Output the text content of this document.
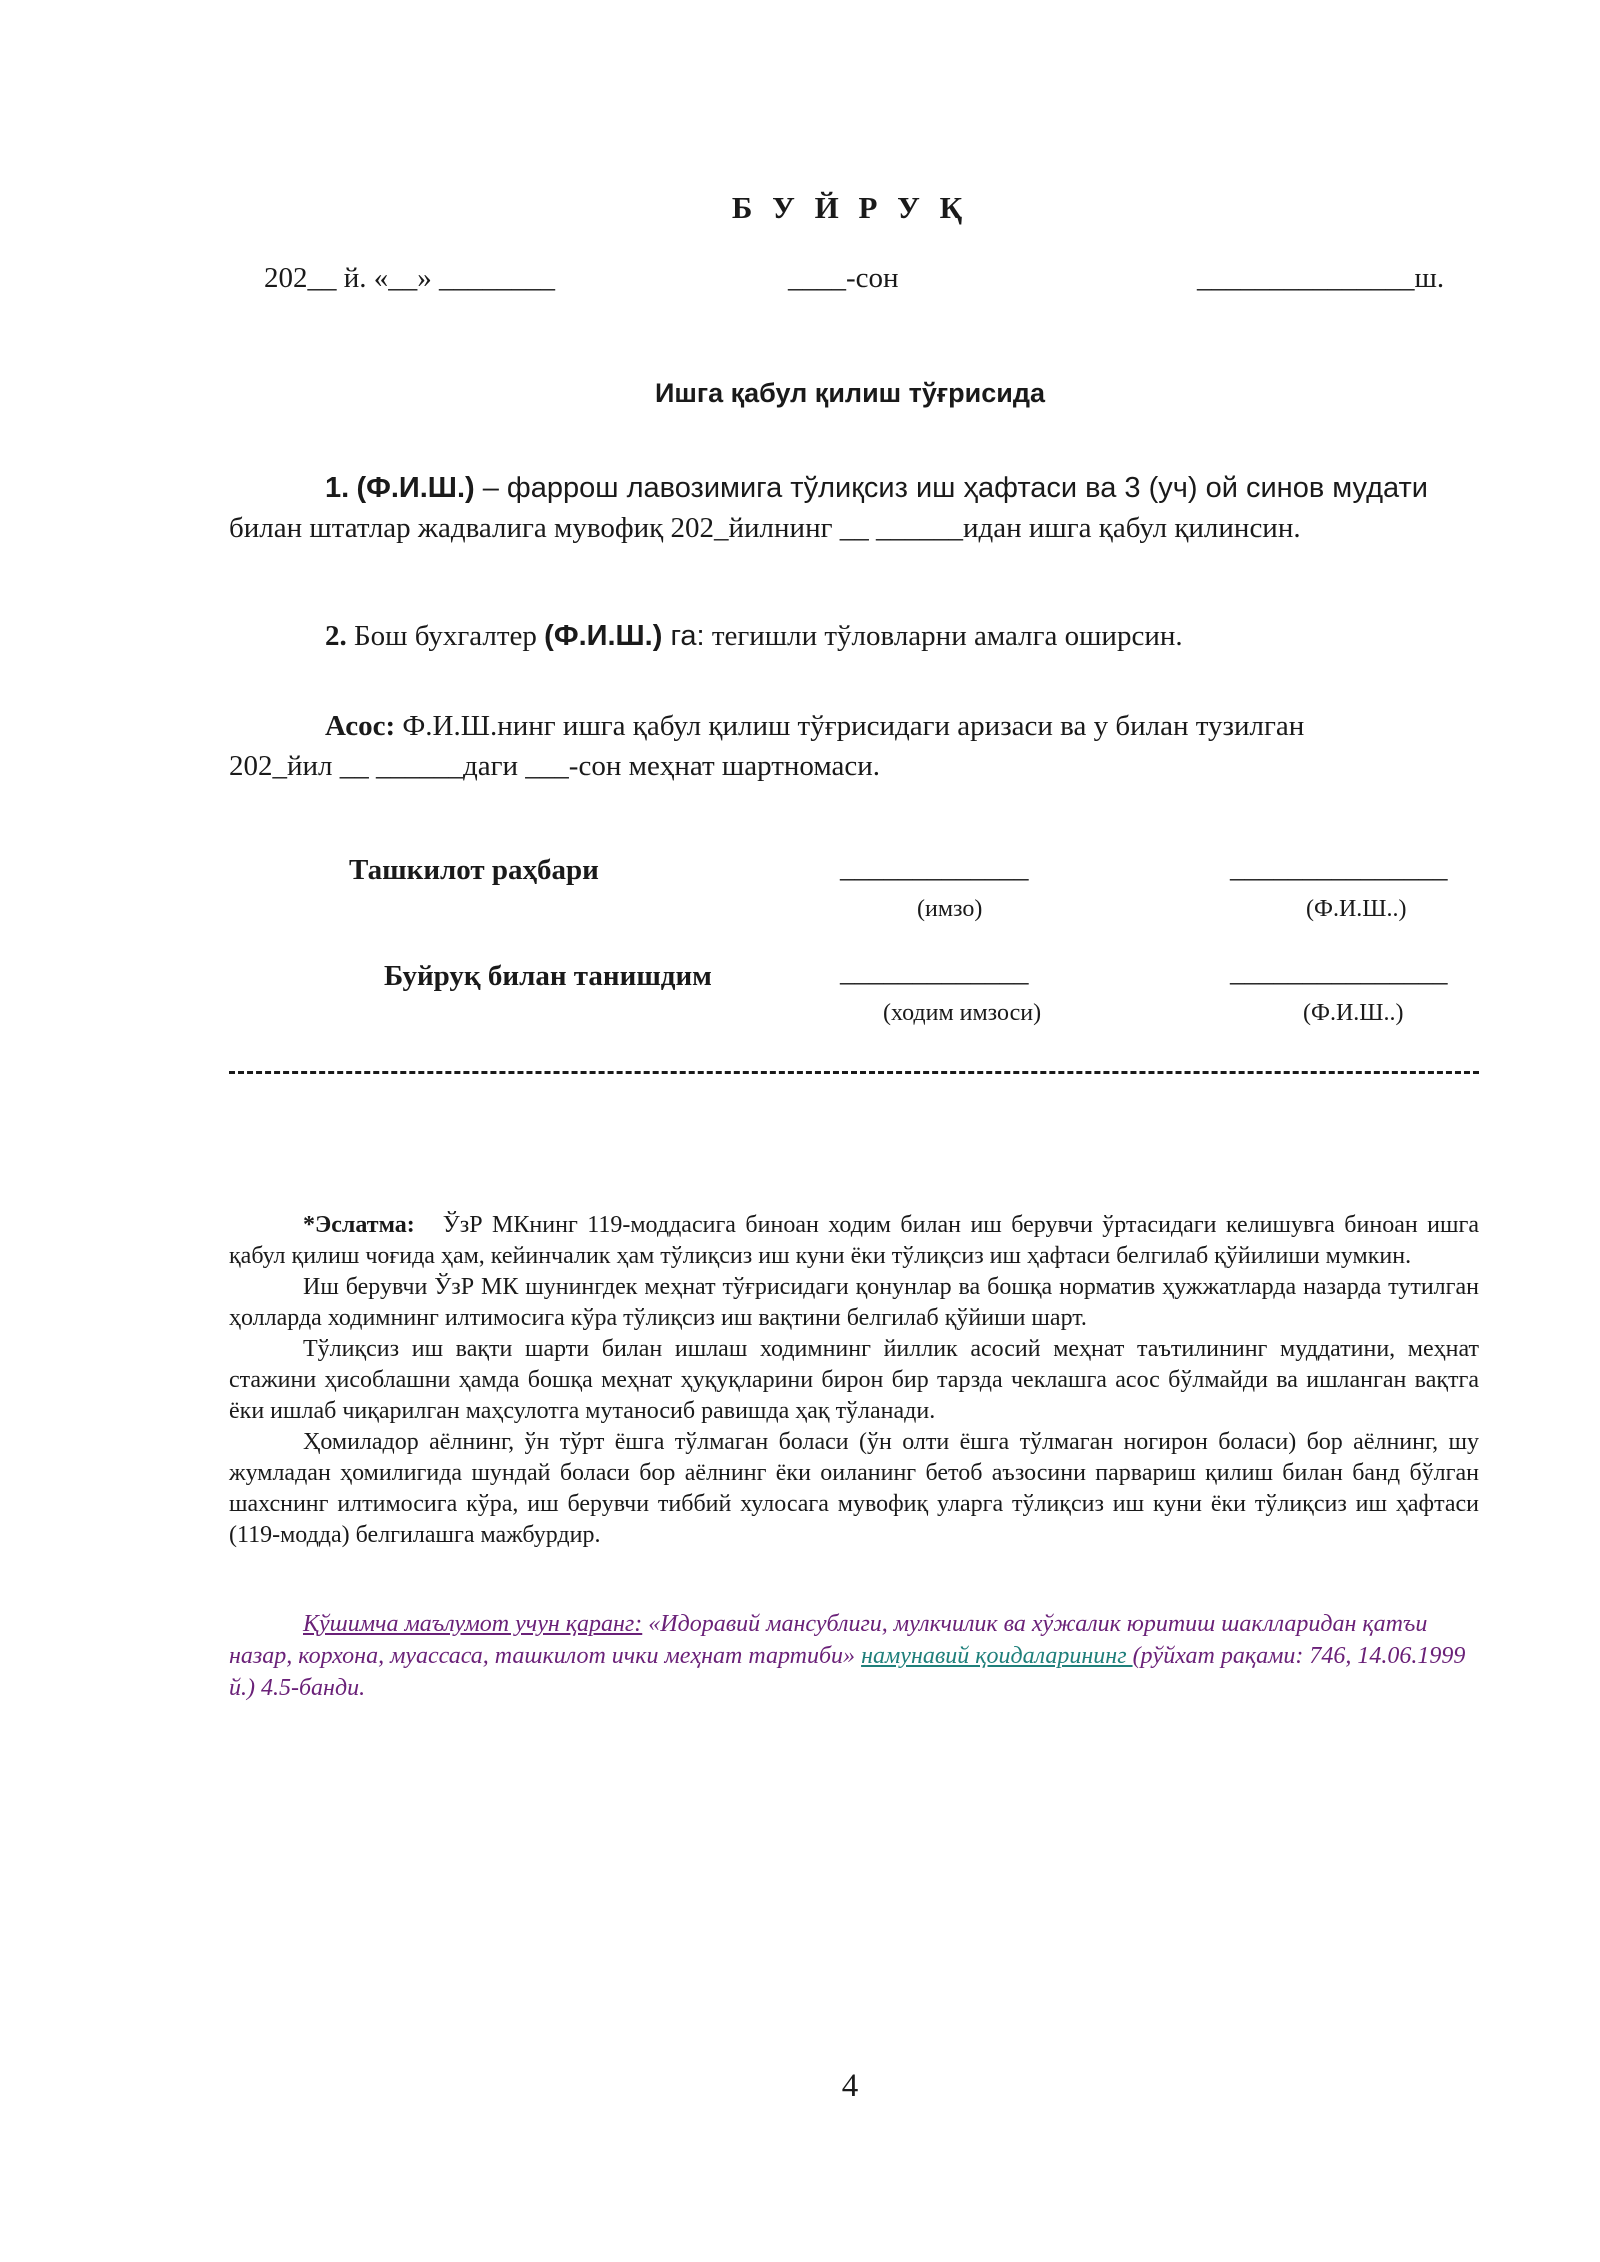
Б У Й Р У Қ
202__ й. «__» ________	____-сон	_______________ш.
Ишга қабул қилиш тўғрисида
1. (Ф.И.Ш.) – фаррош лавозимига тўлиқсиз иш ҳафтаси ва 3 (уч) ой синов мудати
билан штатлар жадвалига мувофиқ 202_йилнинг __ ______идан ишга қабул қилинсин.
2. Бош бухгалтер (Ф.И.Ш.) га: тегишли тўловларни амалга оширсин.
Асос: Ф.И.Ш.нинг ишга қабул қилиш тўғрисидаги аризаси ва у билан тузилган
202_йил __ ______даги ___-сон меҳнат шартномаси.
Ташкилот раҳбари	_____________	_______________
(имзо)	(Ф.И.Ш..)
Буйруқ билан танишдим	_____________	_______________
(ходим имзоси)	(Ф.И.Ш..)

*Эслатма: ЎзР МКнинг 119-моддасига биноан ходим билан иш берувчи ўртасидаги келишувга биноан ишга қабул қилиш чоғида ҳам, кейинчалик ҳам тўлиқсиз иш куни ёки тўлиқсиз иш ҳафтаси белгилаб қўйилиши мумкин.

Иш берувчи ЎзР МК шунингдек меҳнат тўғрисидаги қонунлар ва бошқа норматив ҳужжатларда назарда тутилган ҳолларда ходимнинг илтимосига кўра тўлиқсиз иш вақтини белгилаб қўйиши шарт.

Тўлиқсиз иш вақти шарти билан ишлаш ходимнинг йиллик асосий меҳнат таътилининг муддатини, меҳнат стажини ҳисоблашни ҳамда бошқа меҳнат ҳуқуқларини бирон бир тарзда чеклашга асос бўлмайди ва ишланган вақтга ёки ишлаб чиқарилган маҳсулотга мутаносиб равишда ҳақ тўланади.

Ҳомиладор аёлнинг, ўн тўрт ёшга тўлмаган боласи (ўн олти ёшга тўлмаган ногирон боласи) бор аёлнинг, шу жумладан ҳомилигида шундай боласи бор аёлнинг ёки оиланинг бетоб аъзосини парвариш қилиш билан банд бўлган шахснинг илтимосига кўра, иш берувчи тиббий хулосага мувофиқ уларга тўлиқсиз иш куни ёки тўлиқсиз иш ҳафтаси (119-модда) белгилашга мажбурдир.

Қўшимча маълумот учун қаранг: «Идоравий мансублиги, мулкчилик ва хўжалик юритиш шаклларидан қатъи назар, корхона, муассаса, ташкилот ички меҳнат тартиби» намунавий қоидаларининг (рўйхат рақами: 746, 14.06.1999 й.) 4.5-банди.
4
